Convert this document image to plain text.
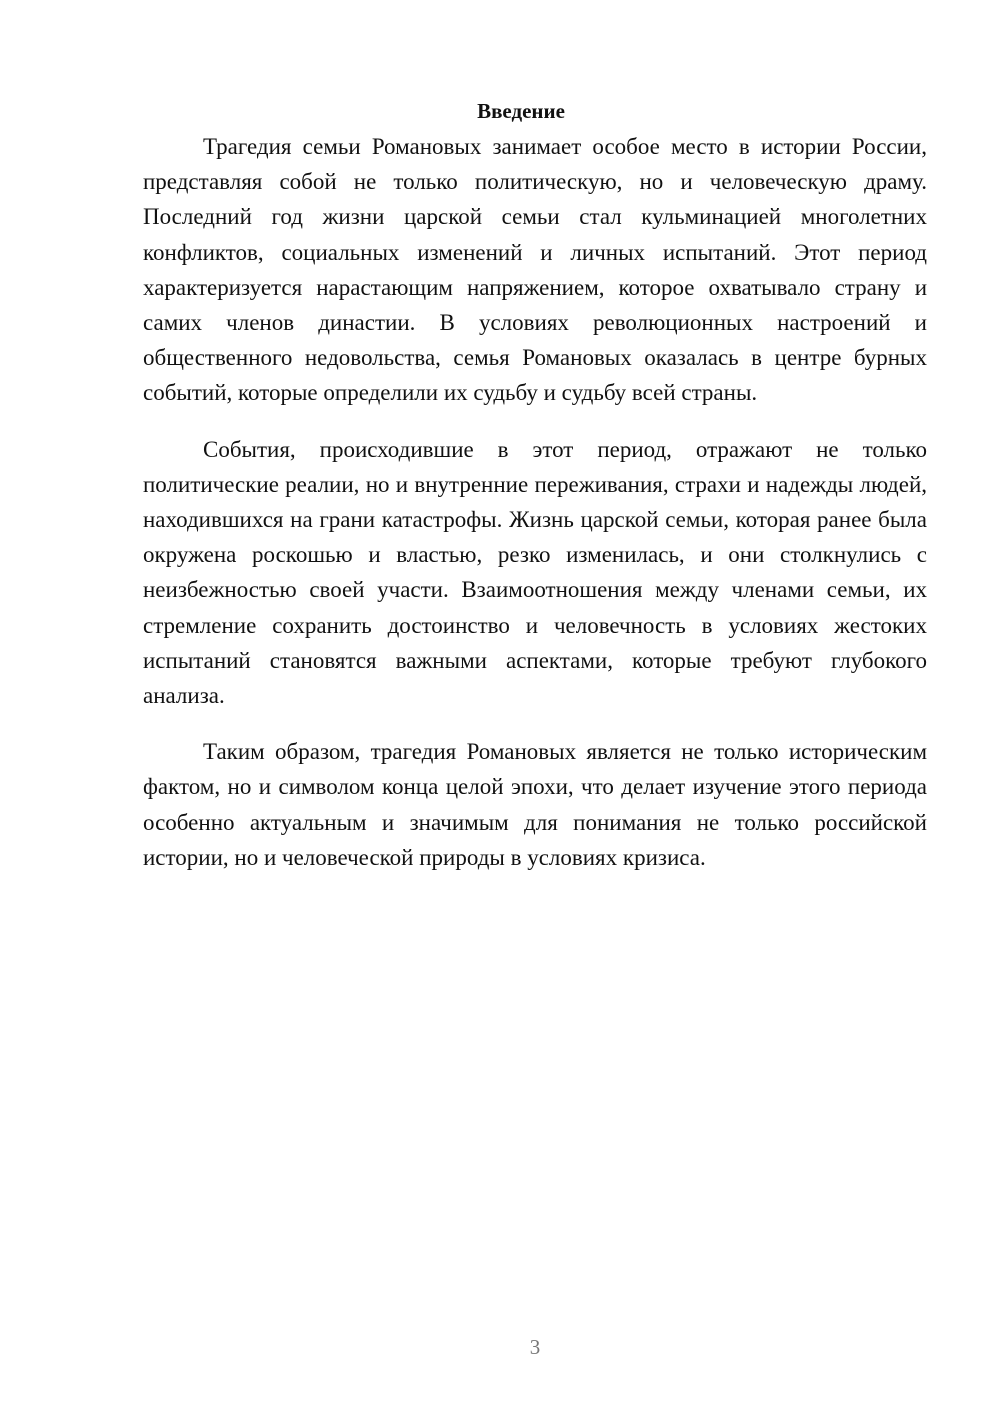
Введение

Трагедия семьи Романовых занимает особое место в истории России, представляя собой не только политическую, но и человеческую драму. Последний год жизни царской семьи стал кульминацией многолетних конфликтов, социальных изменений и личных испытаний. Этот период характеризуется нарастающим напряжением, которое охватывало страну и самих членов династии. В условиях революционных настроений и общественного недовольства, семья Романовых оказалась в центре бурных событий, которые определили их судьбу и судьбу всей страны.

События, происходившие в этот период, отражают не только политические реалии, но и внутренние переживания, страхи и надежды людей, находившихся на грани катастрофы. Жизнь царской семьи, которая ранее была окружена роскошью и властью, резко изменилась, и они столкнулись с неизбежностью своей участи. Взаимоотношения между членами семьи, их стремление сохранить достоинство и человечность в условиях жестоких испытаний становятся важными аспектами, которые требуют глубокого анализа.

Таким образом, трагедия Романовых является не только историческим фактом, но и символом конца целой эпохи, что делает изучение этого периода особенно актуальным и значимым для понимания не только российской истории, но и человеческой природы в условиях кризиса.

3
